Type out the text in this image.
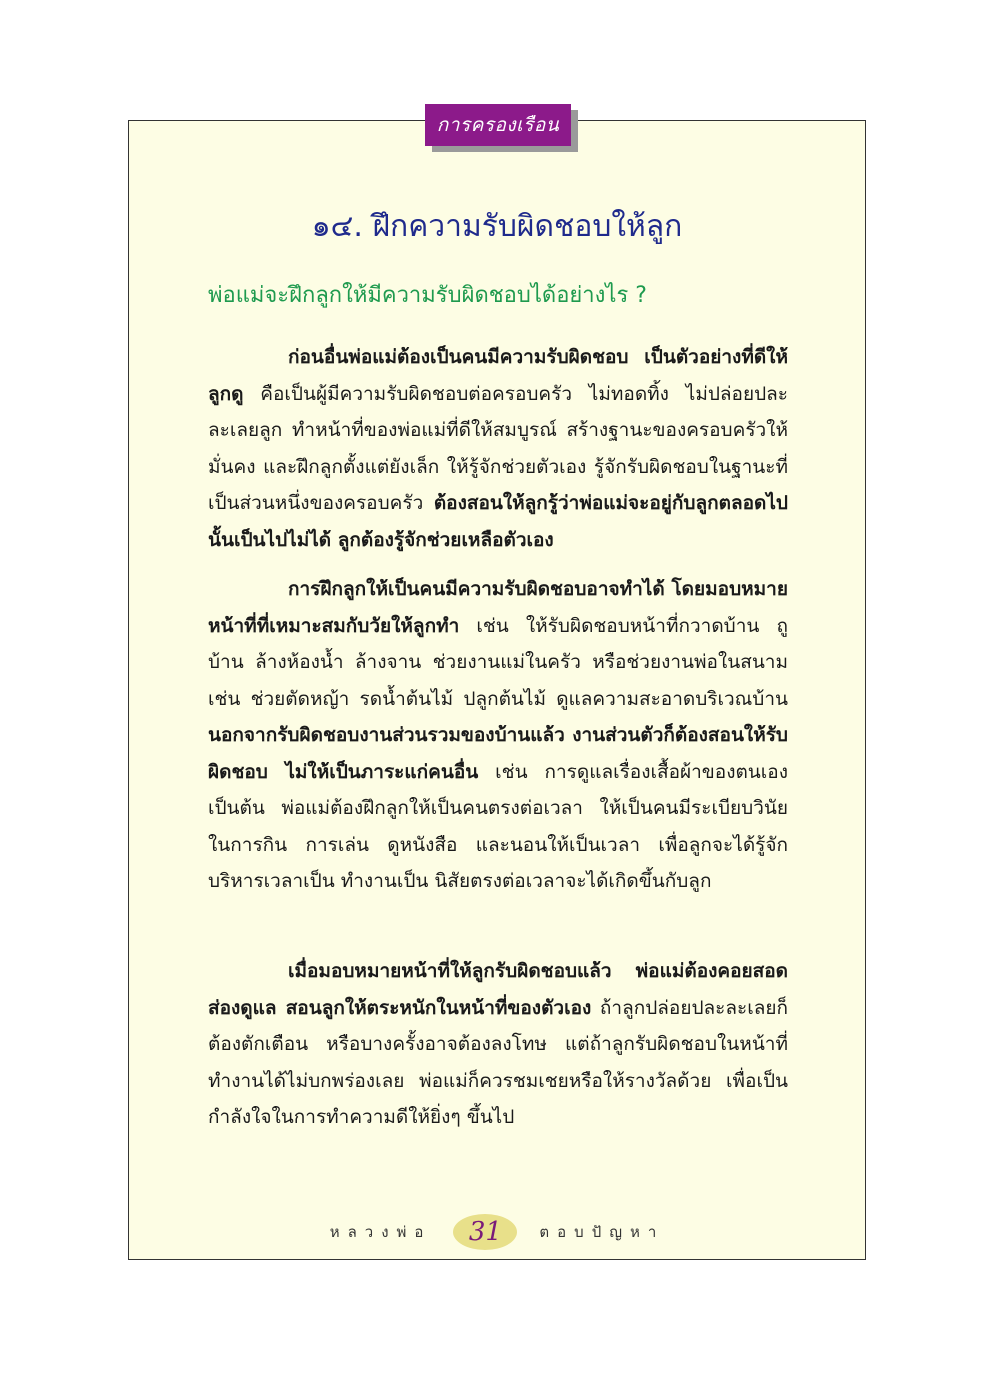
การครองเรือน
๑๔. ฝึกความรับผิดชอบให้ลูก
พ่อแม่จะฝึกลูกให้มีความรับผิดชอบได้อย่างไร ?

ก่อนอื่นพ่อแม่ต้องเป็นคนมีความรับผิดชอบ เป็นตัวอย่างที่ดีให้ลูกดู คือเป็นผู้มีความรับผิดชอบต่อครอบครัว ไม่ทอดทิ้ง ไม่ปล่อยปละละเลยลูก ทำหน้าที่ของพ่อแม่ที่ดีให้สมบูรณ์ สร้างฐานะของครอบครัวให้มั่นคง และฝึกลูกตั้งแต่ยังเล็ก ให้รู้จักช่วยตัวเอง รู้จักรับผิดชอบในฐานะที่เป็นส่วนหนึ่งของครอบครัว ต้องสอนให้ลูกรู้ว่าพ่อแม่จะอยู่กับลูกตลอดไปนั้นเป็นไปไม่ได้ ลูกต้องรู้จักช่วยเหลือตัวเอง

การฝึกลูกให้เป็นคนมีความรับผิดชอบอาจทำได้ โดยมอบหมายหน้าที่ที่เหมาะสมกับวัยให้ลูกทำ เช่น ให้รับผิดชอบหน้าที่กวาดบ้าน ถูบ้าน ล้างห้องน้ำ ล้างจาน ช่วยงานแม่ในครัว หรือช่วยงานพ่อในสนาม เช่น ช่วยตัดหญ้า รดน้ำต้นไม้ ปลูกต้นไม้ ดูแลความสะอาดบริเวณบ้าน นอกจากรับผิดชอบงานส่วนรวมของบ้านแล้ว งานส่วนตัวก็ต้องสอนให้รับผิดชอบ ไม่ให้เป็นภาระแก่คนอื่น เช่น การดูแลเรื่องเสื้อผ้าของตนเอง เป็นต้น พ่อแม่ต้องฝึกลูกให้เป็นคนตรงต่อเวลา ให้เป็นคนมีระเบียบวินัย ในการกิน การเล่น ดูหนังสือ และนอนให้เป็นเวลา เพื่อลูกจะได้รู้จักบริหารเวลาเป็น ทำงานเป็น นิสัยตรงต่อเวลาจะได้เกิดขึ้นกับลูก

เมื่อมอบหมายหน้าที่ให้ลูกรับผิดชอบแล้ว พ่อแม่ต้องคอยสอดส่องดูแล สอนลูกให้ตระหนักในหน้าที่ของตัวเอง ถ้าลูกปล่อยปละละเลยก็ต้องตักเตือน หรือบางครั้งอาจต้องลงโทษ แต่ถ้าลูกรับผิดชอบในหน้าที่ทำงานได้ไม่บกพร่องเลย พ่อแม่ก็ควรชมเชยหรือให้รางวัลด้วย เพื่อเป็นกำลังใจในการทำความดีให้ยิ่งๆ ขึ้นไป

หลวงพ่อ 31 ตอบปัญหา
